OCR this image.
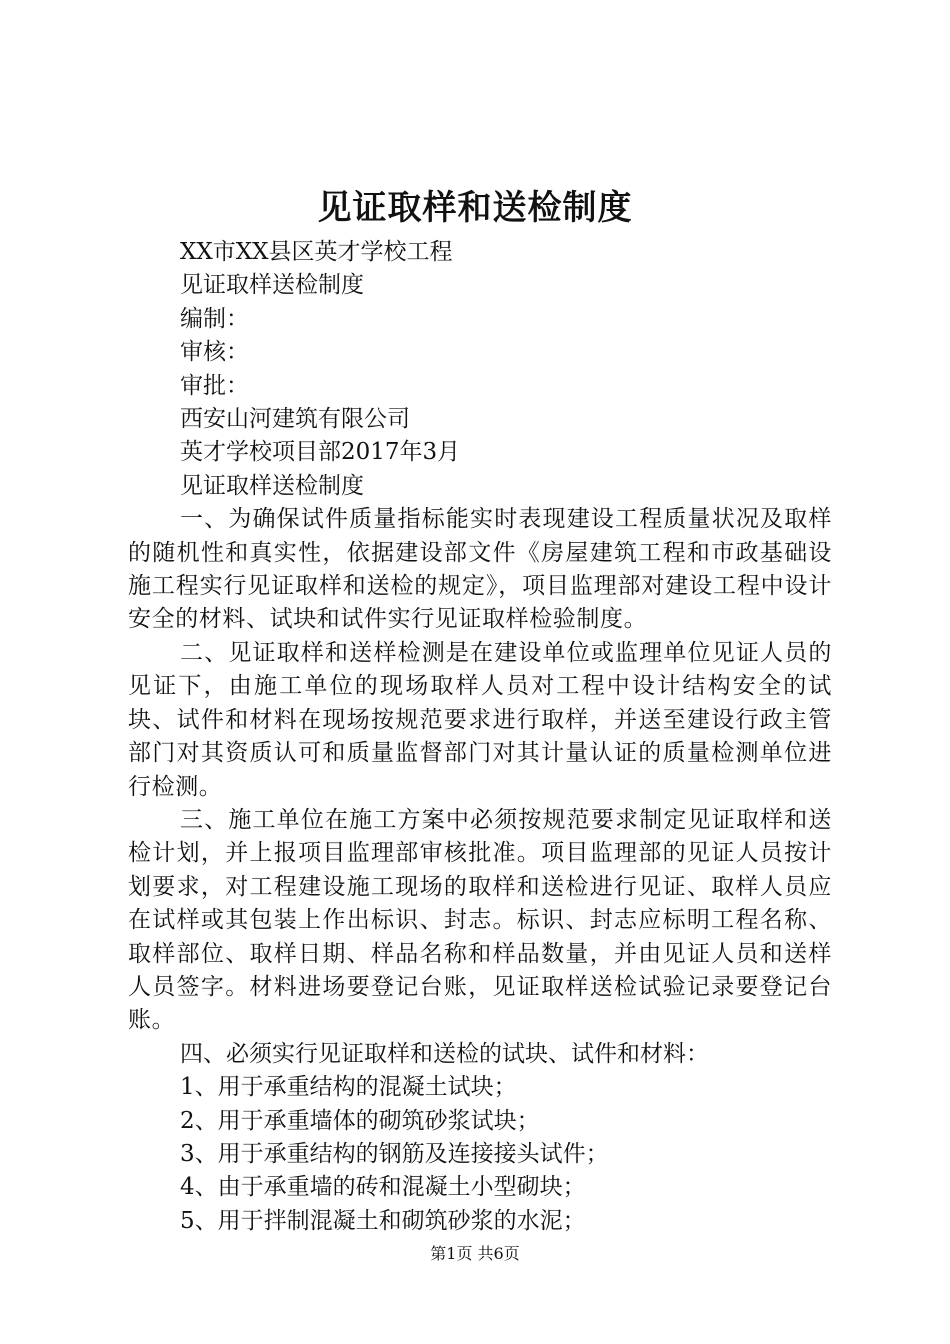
见证取样和送检制度
XX市XX县区英才学校工程
见证取样送检制度
编制：
审核：
审批：
西安山河建筑有限公司
英才学校项目部2017年3月
见证取样送检制度
一、为确保试件质量指标能实时表现建设工程质量状况及取样的随机性和真实性，依据建设部文件《房屋建筑工程和市政基础设施工程实行见证取样和送检的规定》，项目监理部对建设工程中设计安全的材料、试块和试件实行见证取样检验制度。
二、见证取样和送样检测是在建设单位或监理单位见证人员的见证下，由施工单位的现场取样人员对工程中设计结构安全的试块、试件和材料在现场按规范要求进行取样，并送至建设行政主管部门对其资质认可和质量监督部门对其计量认证的质量检测单位进行检测。
三、施工单位在施工方案中必须按规范要求制定见证取样和送检计划，并上报项目监理部审核批准。项目监理部的见证人员按计划要求，对工程建设施工现场的取样和送检进行见证、取样人员应在试样或其包装上作出标识、封志。标识、封志应标明工程名称、取样部位、取样日期、样品名称和样品数量，并由见证人员和送样人员签字。材料进场要登记台账，见证取样送检试验记录要登记台账。
四、必须实行见证取样和送检的试块、试件和材料：
1、用于承重结构的混凝土试块；
2、用于承重墙体的砌筑砂浆试块；
3、用于承重结构的钢筋及连接接头试件；
4、由于承重墙的砖和混凝土小型砌块；
5、用于拌制混凝土和砌筑砂浆的水泥；
第1页 共6页
